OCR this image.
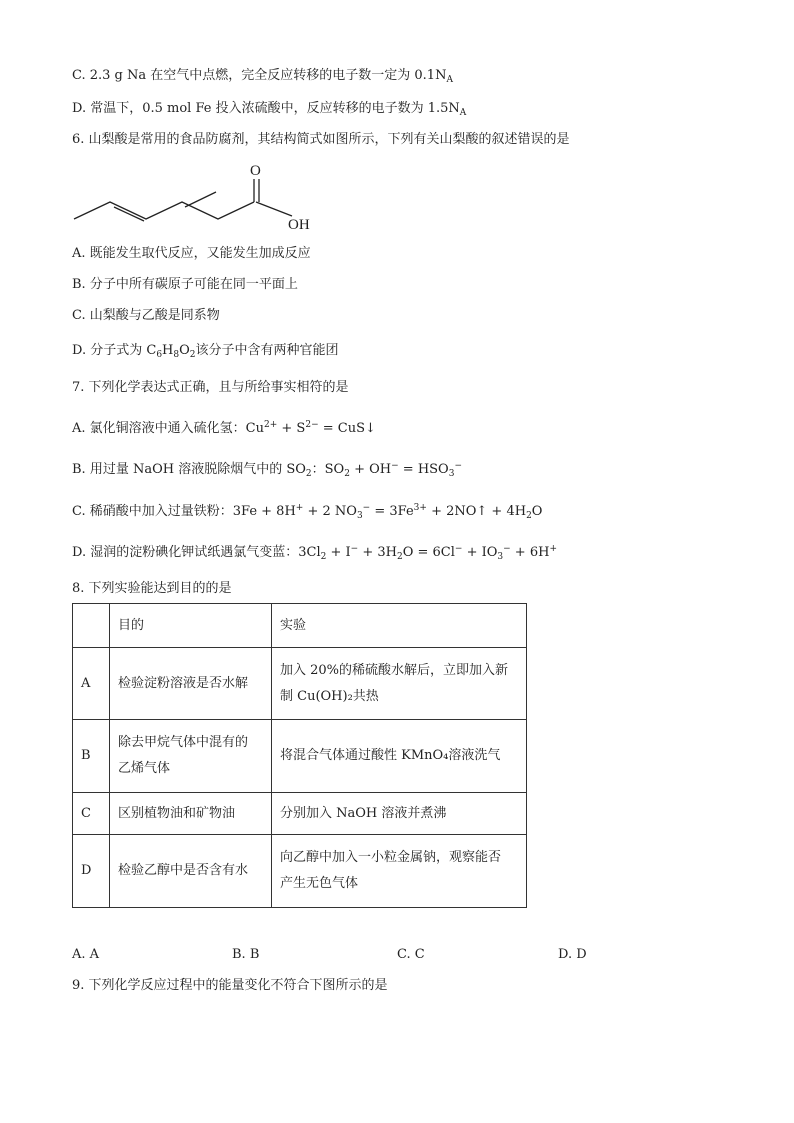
C. 2.3 g Na 在空气中点燃，完全反应转移的电子数一定为 $0.1N_A$
D. 常温下，0.5 mol Fe 投入浓硫酸中，反应转移的电子数为 $1.5N_A$
6. 山梨酸是常用的食品防腐剂，其结构简式如图所示，下列有关山梨酸的叙述错误的是
O
OH
A. 既能发生取代反应，又能发生加成反应
B. 分子中所有碳原子可能在同一平面上
C. 山梨酸与乙酸是同系物
D. 分子式为 $C_6H_8O_2$该分子中含有两种官能团
7. 下列化学表达式正确，且与所给事实相符的是
A. 氯化铜溶液中通入硫化氢：$Cu^{2+} + S^{2-}$ = CuS↓
B. 用过量 NaOH 溶液脱除烟气中的 $SO_2$：$SO_2 + OH^- = HSO_3^-$
C. 稀硝酸中加入过量铁粉：3Fe + 8H+ + 2 $NO_3^- = 3Fe^{3+}$ + 2NO↑ + $4H_2O$
D. 湿润的淀粉碘化钾试纸遇氯气变蓝：$3Cl_2 + I^- + 3H_2O = 6Cl^- + IO_3^- + 6H^+$
8. 下列实验能达到目的的是
	目的	实验
A	检验淀粉溶液是否水解	加入 20%的稀硫酸水解后，立即加入新
制 Cu(OH)₂共热

B	除去甲烷气体中混有的
乙烯气体	将混合气体通过酸性 KMnO₄溶液洗气
C	区别植物油和矿物油	分别加入 NaOH 溶液并煮沸
D	检验乙醇中是否含有水	向乙醇中加入一小粒金属钠，观察能否
产生无色气体
A. A	B. B	C. C	D. D
9. 下列化学反应过程中的能量变化不符合下图所示的是
